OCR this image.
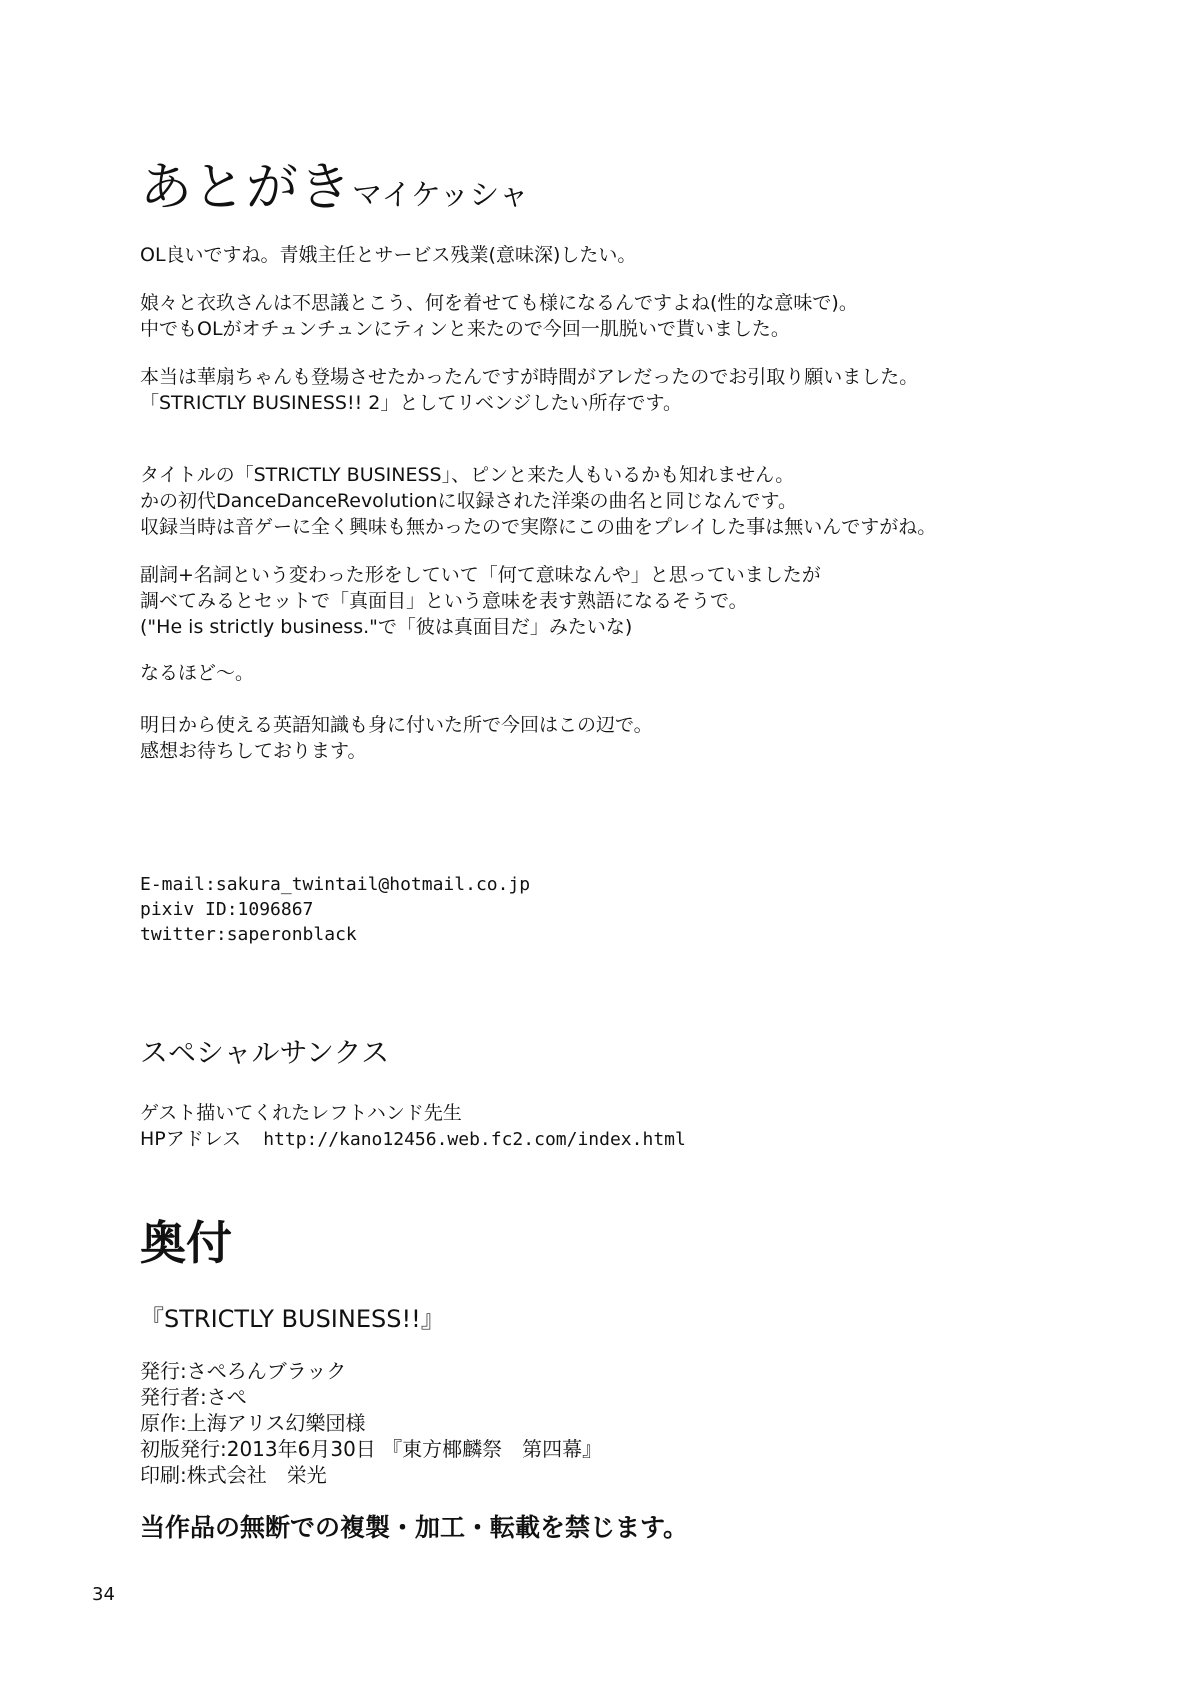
あとがきマイケッシャ
OL良いですね。青娥主任とサービス残業(意味深)したい。
娘々と衣玖さんは不思議とこう、何を着せても様になるんですよね(性的な意味で)。
中でもOLがオチュンチュンにティンと来たので今回一肌脱いで貰いました。
本当は華扇ちゃんも登場させたかったんですが時間がアレだったのでお引取り願いました。
「STRICTLY BUSINESS!! 2」としてリベンジしたい所存です。
タイトルの「STRICTLY BUSINESS」、ピンと来た人もいるかも知れません。
かの初代DanceDanceRevolutionに収録された洋楽の曲名と同じなんです。
収録当時は音ゲーに全く興味も無かったので実際にこの曲をプレイした事は無いんですがね。
副詞+名詞という変わった形をしていて「何て意味なんや」と思っていましたが
調べてみるとセットで「真面目」という意味を表す熟語になるそうで。
("He is strictly business."で「彼は真面目だ」みたいな)
なるほど〜。
明日から使える英語知識も身に付いた所で今回はこの辺で。
感想お待ちしております。
E-mail:sakura_twintail@hotmail.co.jp
pixiv ID:1096867
twitter:saperonblack
スペシャルサンクス
ゲスト描いてくれたレフトハンド先生
HPアドレス http://kano12456.web.fc2.com/index.html
奥付
『STRICTLY BUSINESS!!』
発行:さぺろんブラック
発行者:さぺ
原作:上海アリス幻樂団様
初版発行:2013年6月30日 『東方椰麟祭　第四幕』
印刷:株式会社　栄光
当作品の無断での複製・加工・転載を禁じます。
34
